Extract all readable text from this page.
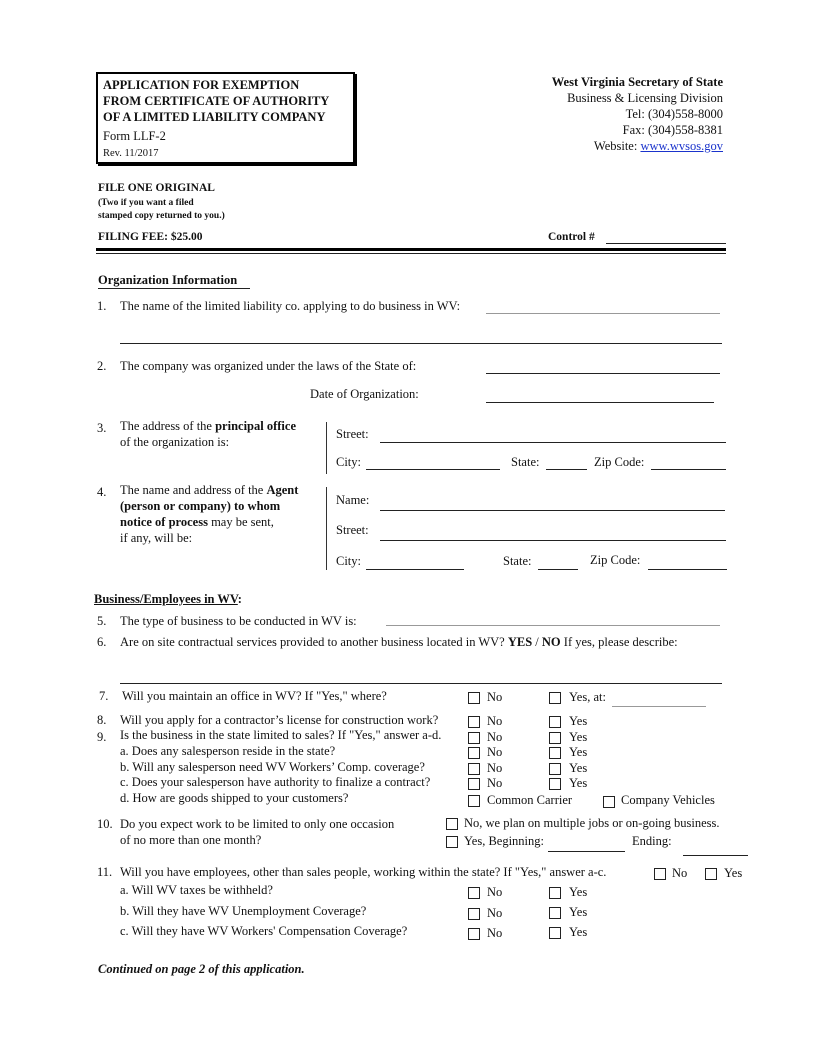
APPLICATION FOR EXEMPTION
FROM CERTIFICATE OF AUTHORITY
OF A LIMITED LIABILITY COMPANY
Form LLF-2
Rev. 11/2017
West Virginia Secretary of State
Business & Licensing Division
Tel: (304)558-8000
Fax: (304)558-8381
Website: www.wvsos.gov
FILE ONE ORIGINAL
(Two if you want a filed
stamped copy returned to you.)
FILING FEE: $25.00	Control #
Organization Information
1. The name of the limited liability co. applying to do business in WV:
2. The company was organized under the laws of the State of:
Date of Organization:
3. The address of the principal office
of the organization is:
Street:
City:	State:	Zip Code:
4. The name and address of the Agent
(person or company) to whom
notice of process may be sent,
if any, will be:
Name:
Street:
City:	State:	Zip Code:
Business/Employees in WV:
5. The type of business to be conducted in WV is:
6. Are on site contractual services provided to another business located in WV? YES / NO If yes, please describe:
7. Will you maintain an office in WV? If "Yes," where?	No	Yes, at:
8. Will you apply for a contractor’s license for construction work?	No	Yes
9. Is the business in the state limited to sales? If "Yes," answer a-d.	No	Yes
a. Does any salesperson reside in the state?	No	Yes
b. Will any salesperson need WV Workers’ Comp. coverage?	No	Yes
c. Does your salesperson have authority to finalize a contract?	No	Yes
d. How are goods shipped to your customers?	Common Carrier	Company Vehicles
10. Do you expect work to be limited to only one occasion
of no more than one month?
No, we plan on multiple jobs or on-going business.
Yes, Beginning:	Ending:
11. Will you have employees, other than sales people, working within the state? If "Yes," answer a-c.	No	Yes
a. Will WV taxes be withheld?	No	Yes
b. Will they have WV Unemployment Coverage?	No	Yes
c. Will they have WV Workers' Compensation Coverage?	No	Yes
Continued on page 2 of this application.
